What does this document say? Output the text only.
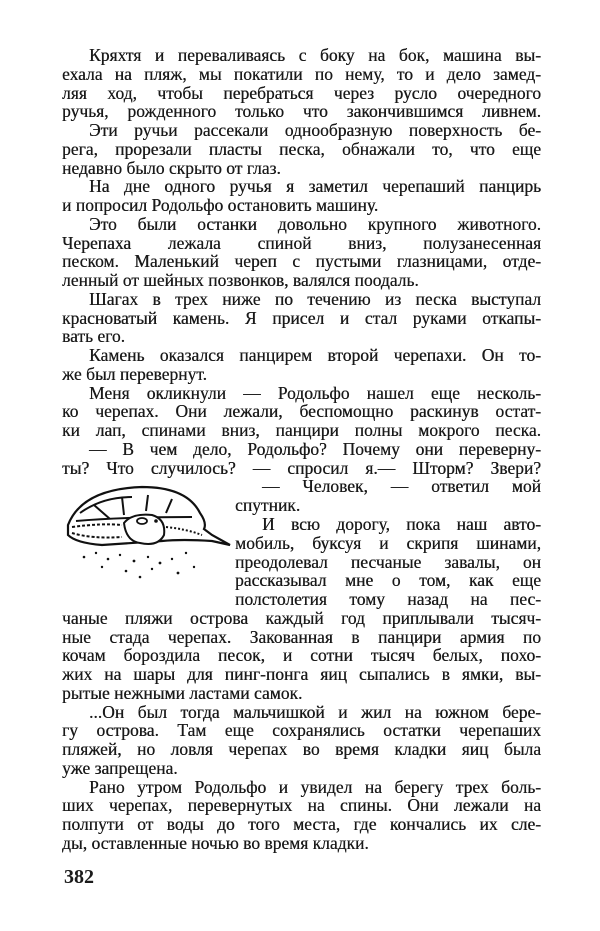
382
Кряхтя и переваливаясь с боку на бок, машина вы-
ехала на пляж, мы покатили по нему, то и дело замед-
ляя ход, чтобы перебраться через русло очередного
ручья, рожденного только что закончившимся ливнем.
Эти ручьи рассекали однообразную поверхность бе-
рега, прорезали пласты песка, обнажали то, что еще
недавно было скрыто от глаз.
На дне одного ручья я заметил черепаший панцирь
и попросил Родольфо остановить машину.
Это были останки довольно крупного животного.
Черепаха лежала спиной вниз, полузанесенная
песком. Маленький череп с пустыми глазницами, отде-
ленный от шейных позвонков, валялся поодаль.
Шагах в трех ниже по течению из песка выступал
красноватый камень. Я присел и стал руками откапы-
вать его.
Камень оказался панцирем второй черепахи. Он то-
же был перевернут.
Меня окликнули — Родольфо нашел еще несколь-
ко черепах. Они лежали, беспомощно раскинув остат-
ки лап, спинами вниз, панцири полны мокрого песка.
— В чем дело, Родольфо? Почему они переверну-
ты? Что случилось? — спросил я.— Шторм? Звери?
— Человек, — ответил мой
спутник.
И всю дорогу, пока наш авто-
мобиль, буксуя и скрипя шинами,
преодолевал песчаные завалы, он
рассказывал мне о том, как еще
полстолетия тому назад на пес-
чаные пляжи острова каждый год приплывали тысяч-
ные стада черепах. Закованная в панцири армия по
кочам бороздила песок, и сотни тысяч белых, похо-
жих на шары для пинг-понга яиц сыпались в ямки, вы-
рытые нежными ластами самок.
...Он был тогда мальчишкой и жил на южном бере-
гу острова. Там еще сохранялись остатки черепаших
пляжей, но ловля черепах во время кладки яиц была
уже запрещена.
Рано утром Родольфо и увидел на берегу трех боль-
ших черепах, перевернутых на спины. Они лежали на
полпути от воды до того места, где кончались их сле-
ды, оставленные ночью во время кладки.
